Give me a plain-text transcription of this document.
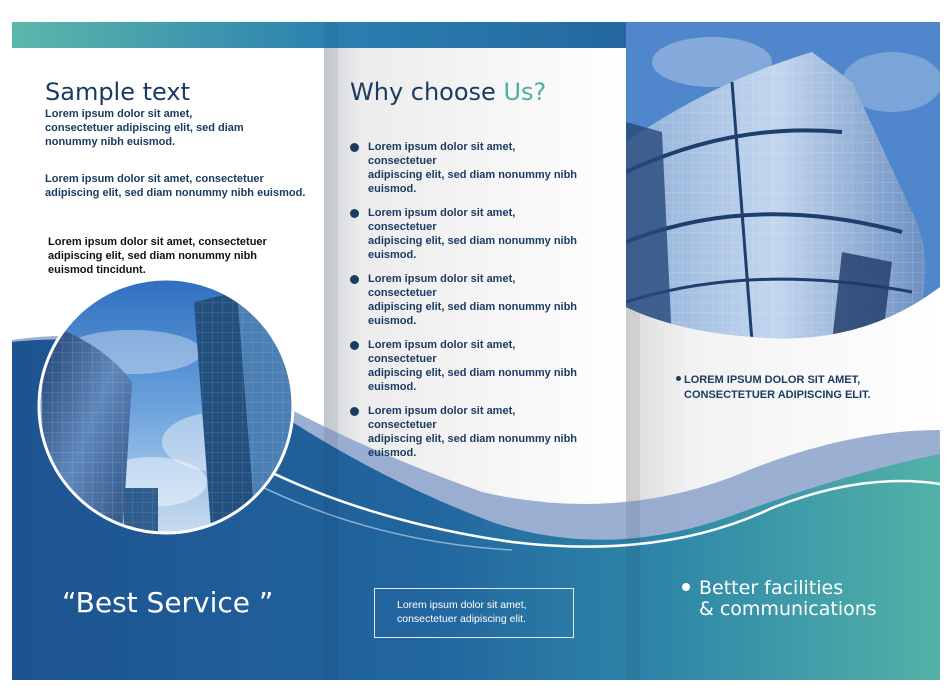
Sample text
Lorem ipsum dolor sit amet,
consectetuer adipiscing elit, sed diam
nonummy nibh euismod.
Lorem ipsum dolor sit amet, consectetuer
adipiscing elit, sed diam nonummy nibh euismod.
Lorem ipsum dolor sit amet, consectetuer
adipiscing elit, sed diam nonummy nibh
euismod tincidunt.
“Best Service ”
Why choose Us?
Lorem ipsum dolor sit amet, consectetuer
adipiscing elit, sed diam nonummy nibh
euismod.
Lorem ipsum dolor sit amet, consectetuer
adipiscing elit, sed diam nonummy nibh
euismod.
Lorem ipsum dolor sit amet, consectetuer
adipiscing elit, sed diam nonummy nibh
euismod.
Lorem ipsum dolor sit amet, consectetuer
adipiscing elit, sed diam nonummy nibh
euismod.
Lorem ipsum dolor sit amet, consectetuer
adipiscing elit, sed diam nonummy nibh
euismod.
Lorem ipsum dolor sit amet,
consectetuer adipiscing elit.
LOREM IPSUM DOLOR SIT AMET,
CONSECTETUER ADIPISCING ELIT.
Better facilities
& communications
